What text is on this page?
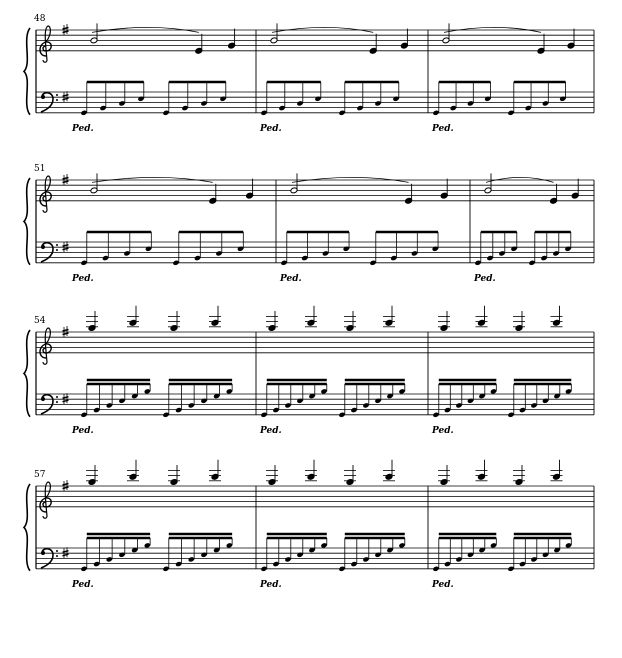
48
Ped.	Ped.	Ped.
51
Ped.	Ped.	Ped.
54
Ped.	Ped.	Ped.
57
Ped.	Ped.	Ped.
